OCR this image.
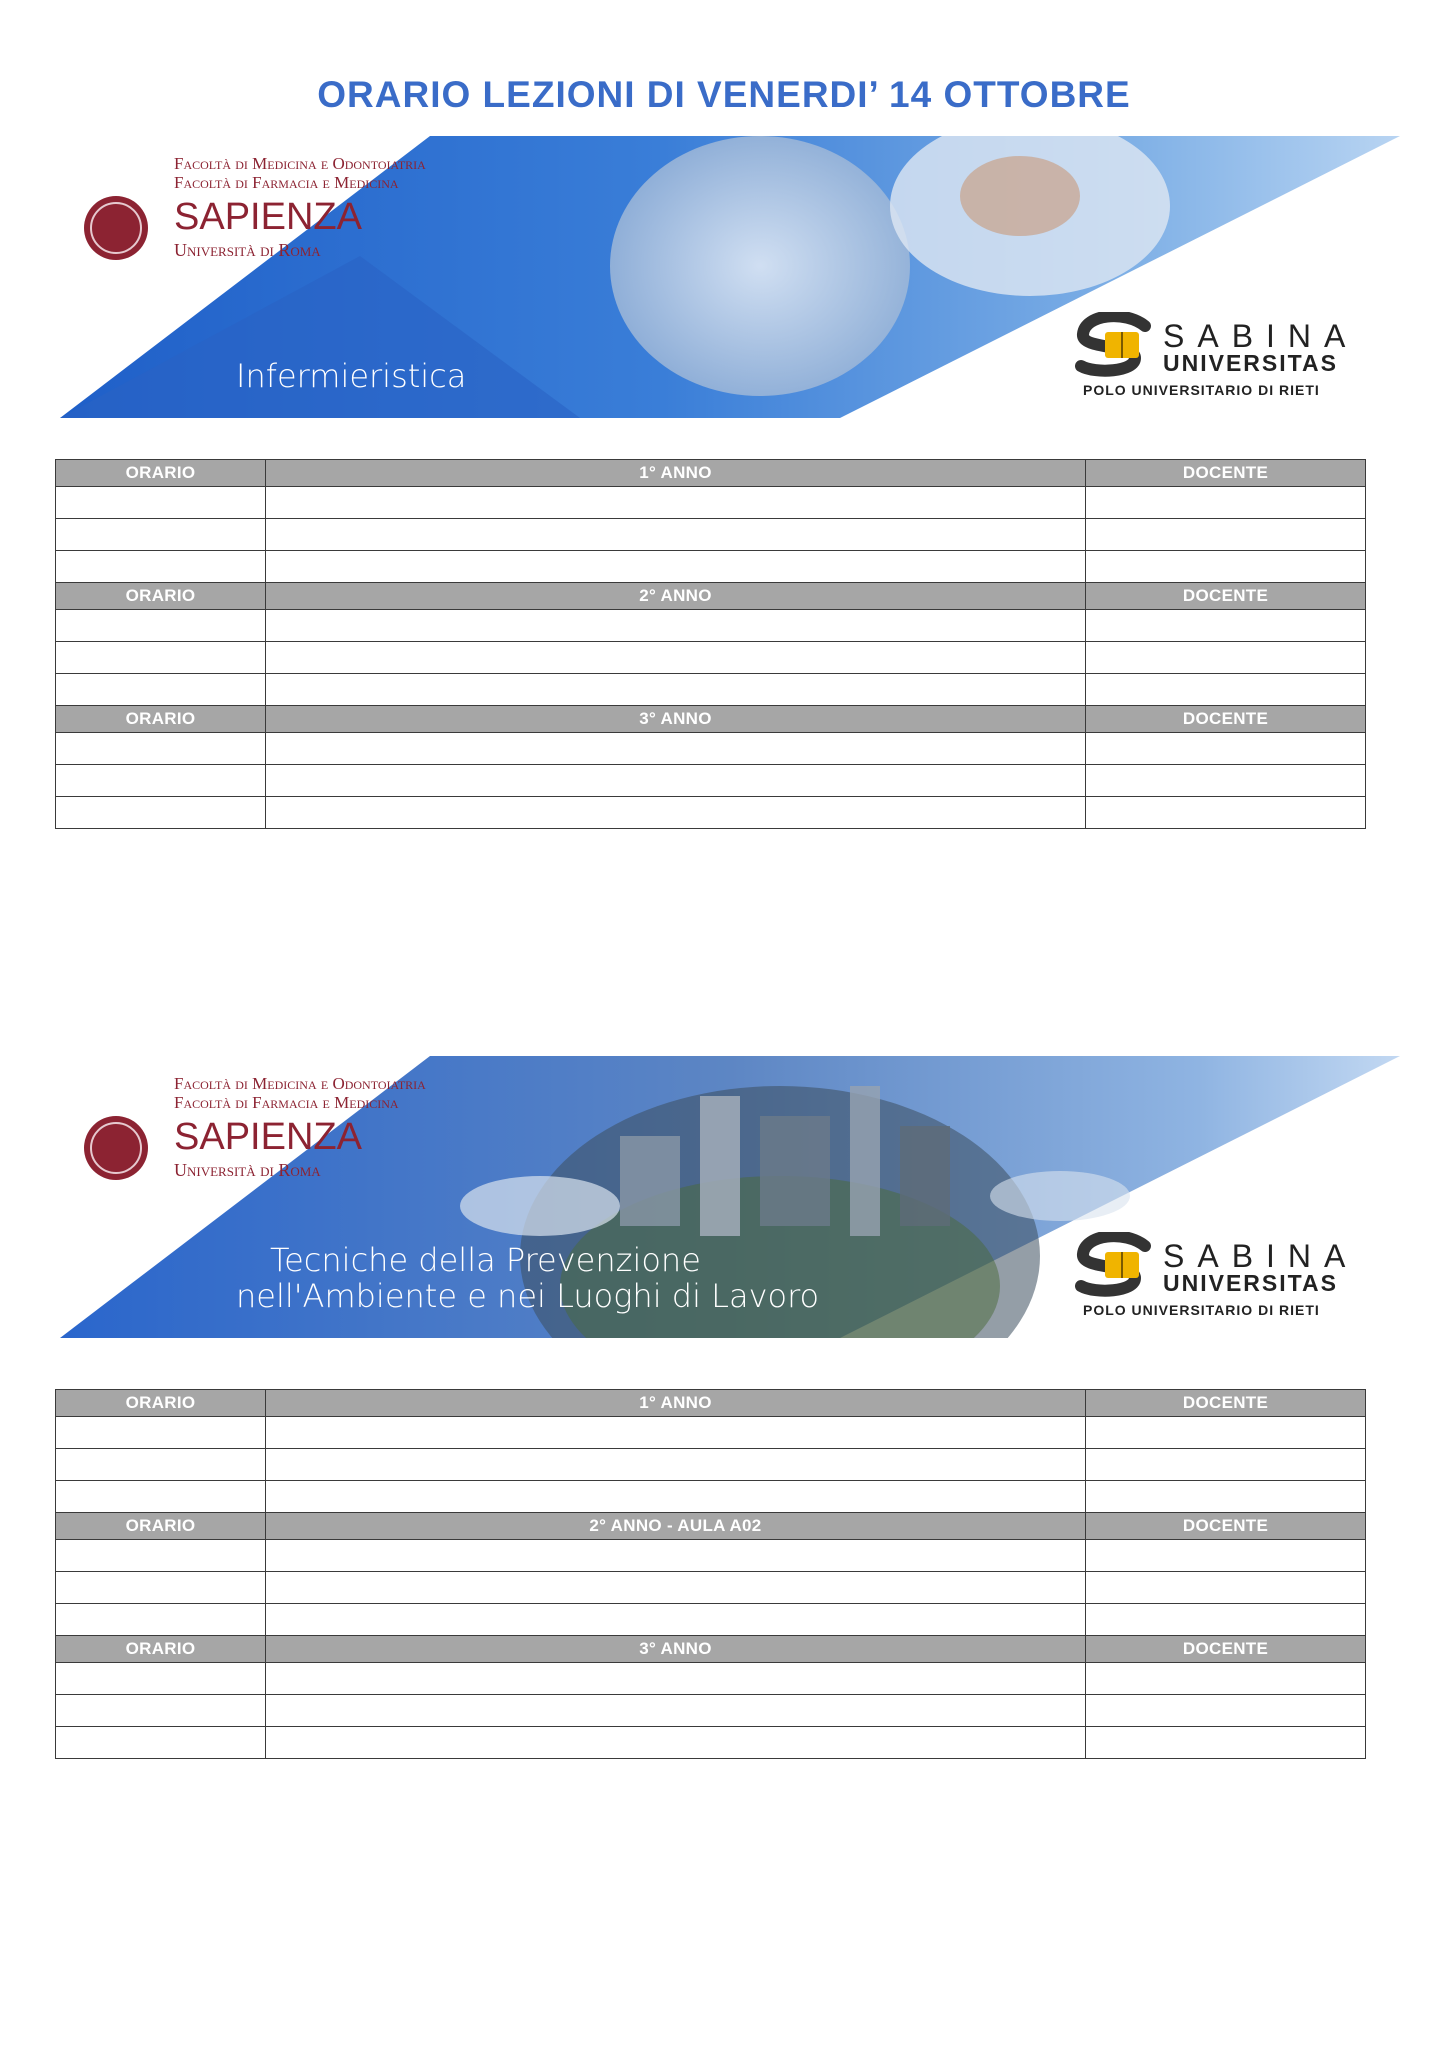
ORARIO LEZIONI DI VENERDI’ 14 OTTOBRE
Facoltà di Medicina e Odontoiatria
Facoltà di Farmacia e Medicina
SAPIENZA
Università di Roma
Infermieristica
SABINA
UNIVERSITAS
POLO UNIVERSITARIO DI RIETI
ORARIO	1° ANNO	DOCENTE

ORARIO	2° ANNO	DOCENTE

ORARIO	3° ANNO	DOCENTE

Facoltà di Medicina e Odontoiatria
Facoltà di Farmacia e Medicina
SAPIENZA
Università di Roma
Tecniche della Prevenzione
nell'Ambiente e nei Luoghi di Lavoro
SABINA
UNIVERSITAS
POLO UNIVERSITARIO DI RIETI
ORARIO	1° ANNO	DOCENTE

ORARIO	2° ANNO - AULA A02	DOCENTE

ORARIO	3° ANNO	DOCENTE
